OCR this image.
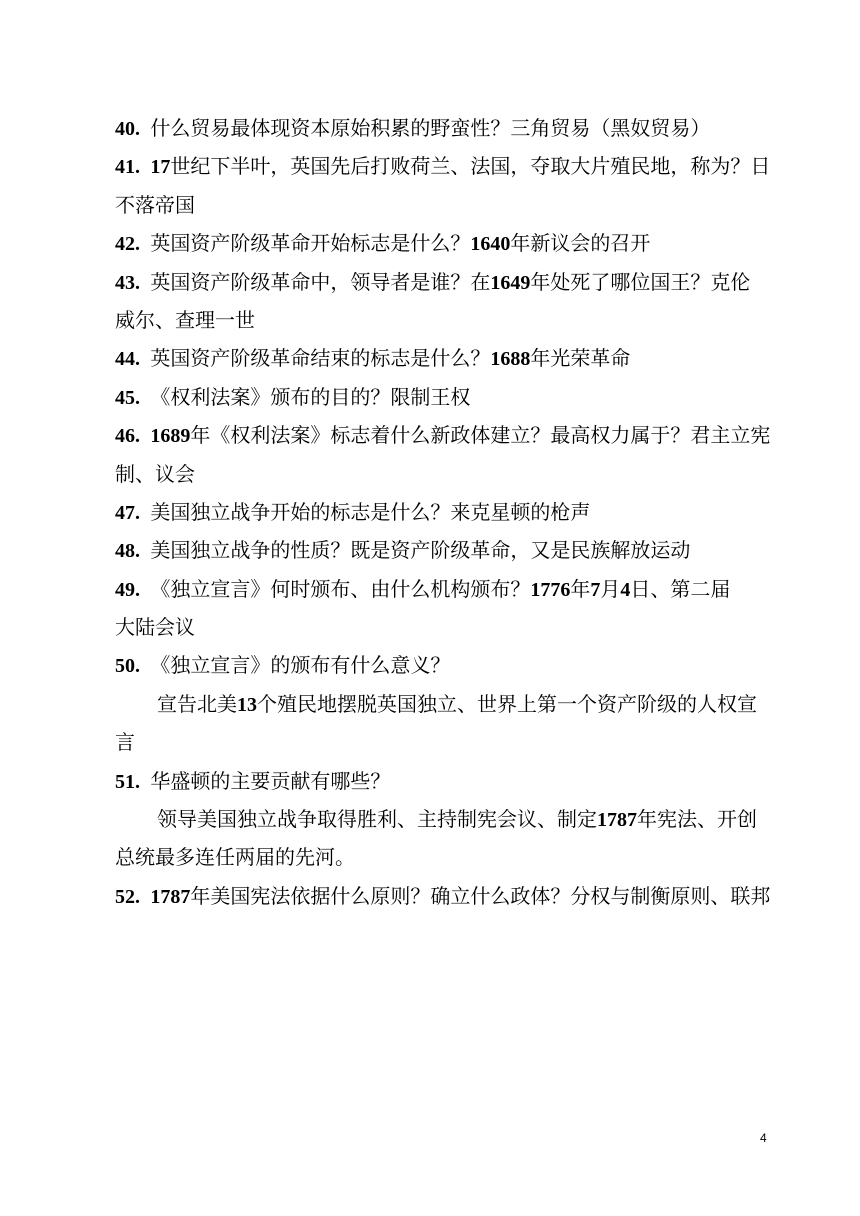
40. 什么贸易最体现资本原始积累的野蛮性？三角贸易（黑奴贸易）
41. 17世纪下半叶，英国先后打败荷兰、法国，夺取大片殖民地，称为？日
不落帝国
42. 英国资产阶级革命开始标志是什么？1640年新议会的召开
43. 英国资产阶级革命中，领导者是谁？在1649年处死了哪位国王？克伦
威尔、查理一世
44. 英国资产阶级革命结束的标志是什么？1688年光荣革命
45. 《权利法案》颁布的目的？限制王权
46. 1689年《权利法案》标志着什么新政体建立？最高权力属于？君主立宪
制、议会
47. 美国独立战争开始的标志是什么？来克星顿的枪声
48. 美国独立战争的性质？既是资产阶级革命，又是民族解放运动
49. 《独立宣言》何时颁布、由什么机构颁布？1776年7月4日、第二届
大陆会议
50. 《独立宣言》的颁布有什么意义？
宣告北美13个殖民地摆脱英国独立、世界上第一个资产阶级的人权宣
言
51. 华盛顿的主要贡献有哪些？
领导美国独立战争取得胜利、主持制宪会议、制定1787年宪法、开创
总统最多连任两届的先河。
52. 1787年美国宪法依据什么原则？确立什么政体？分权与制衡原则、联邦
4
